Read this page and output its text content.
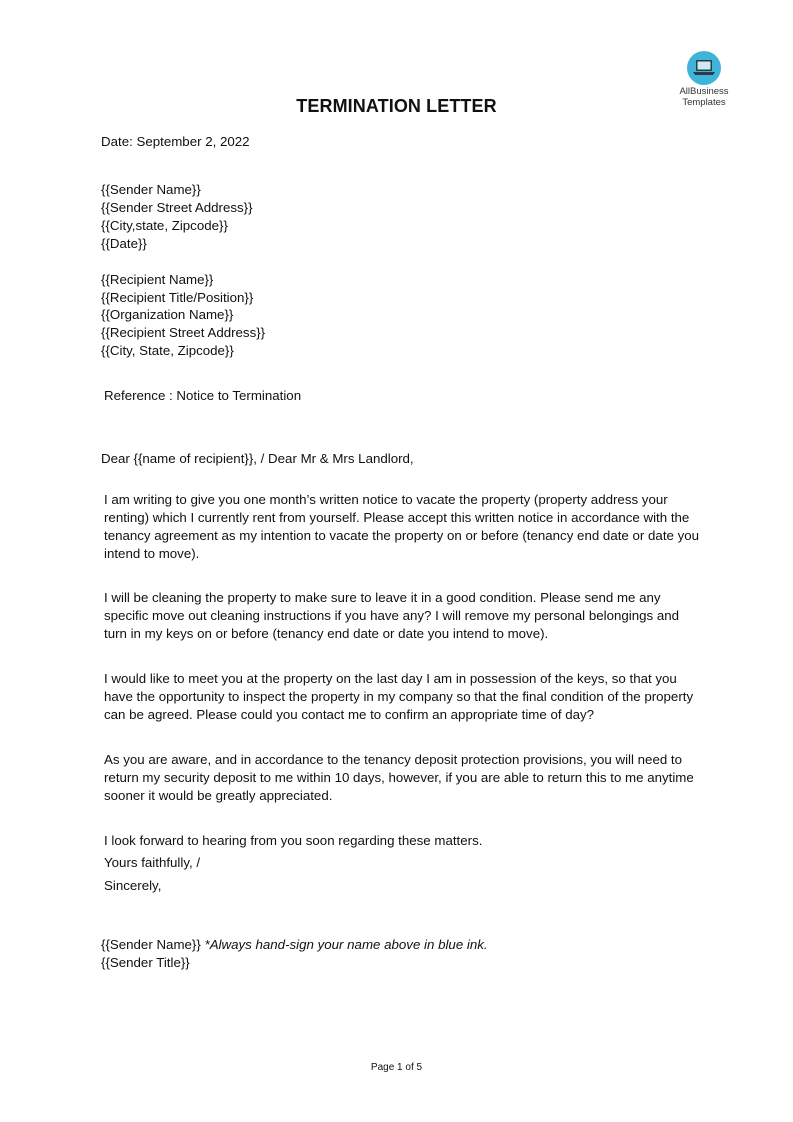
AllBusiness
Templates
TERMINATION LETTER
Date: September 2, 2022
{{Sender Name}}
{{Sender Street Address}}
{{City,state, Zipcode}}
{{Date}}
{{Recipient Name}}
{{Recipient Title/Position}}
{{Organization Name}}
{{Recipient Street Address}}
{{City, State, Zipcode}}
Reference : Notice to Termination
Dear {{name of recipient}}, / Dear Mr & Mrs Landlord,
I am writing to give you one month’s written notice to vacate the property (property address your renting) which I currently rent from yourself. Please accept this written notice in accordance with the tenancy agreement as my intention to vacate the property on or before (tenancy end date or date you intend to move).
I will be cleaning the property to make sure to leave it in a good condition. Please send me any specific move out cleaning instructions if you have any? I will remove my personal belongings and turn in my keys on or before (tenancy end date or date you intend to move).
I would like to meet you at the property on the last day I am in possession of the keys, so that you have the opportunity to inspect the property in my company so that the final condition of the property can be agreed. Please could you contact me to confirm an appropriate time of day?
As you are aware, and in accordance to the tenancy deposit protection provisions, you will need to return my security deposit to me within 10 days, however, if you are able to return this to me anytime sooner it would be greatly appreciated.
I look forward to hearing from you soon regarding these matters.
Yours faithfully, /
Sincerely,
{{Sender Name}} *Always hand-sign your name above in blue ink.
{{Sender Title}}
Page 1 of 5
